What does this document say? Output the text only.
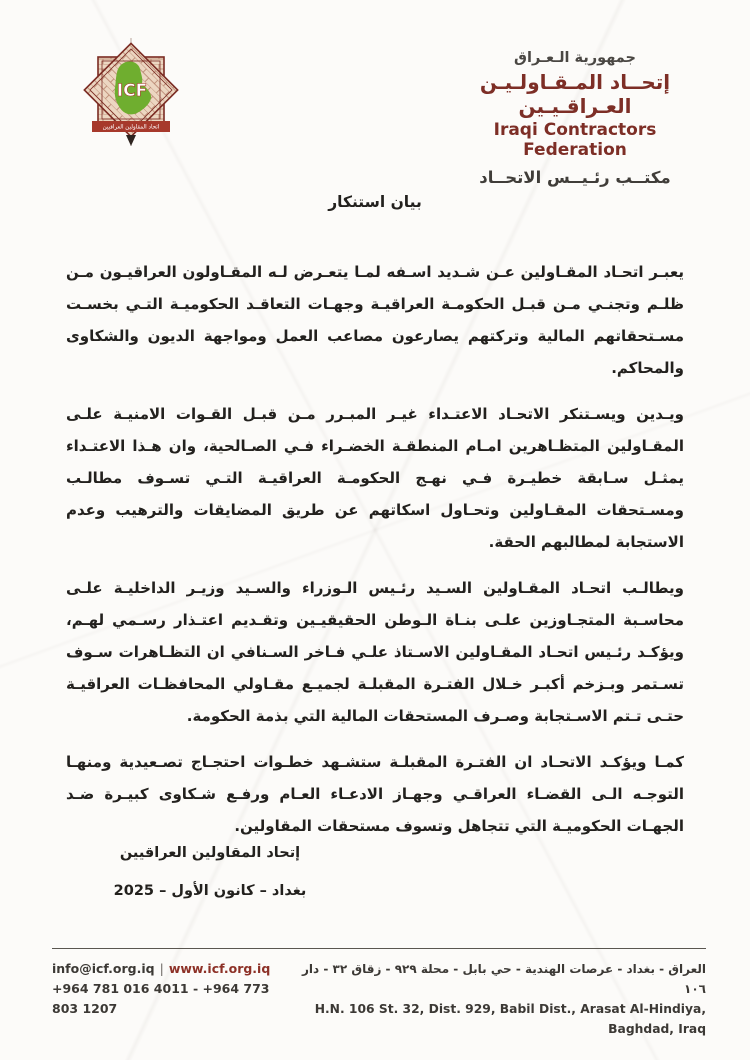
ICF
اتحاد المقاولين العراقيين
جمهورية الـعـراق
إتحــاد المـقـاولـيـن العـراقـيـين
Iraqi Contractors Federation
مكتــب رئـيــس الاتحــاد
بيان استنكار

يعبـر اتحـاد المقـاولين عـن شـديد اسـفه لمـا يتعـرض لـه المقـاولون العراقيـون مـن ظلـم وتجنـي مـن قبـل الحكومـة العراقيـة وجهـات التعاقـد الحكوميـة التـي بخسـت مسـتحقاتهم المالية وتركتهم يصارعون مصاعب العمل ومواجهة الديون والشكاوى والمحاكم.

ويـدين ويسـتنكر الاتحـاد الاعتـداء غيـر المبـرر مـن قبـل القـوات الامنيـة علـى المقـاولين المتظـاهرين امـام المنطقـة الخضـراء فـي الصـالحية، وان هـذا الاعتـداء يمثـل سـابقة خطيـرة فـي نهـج الحكومـة العراقيـة التـي تسـوف مطالـب ومسـتحقات المقـاولين وتحـاول اسكاتهم عن طريق المضايقات والترهيب وعدم الاستجابة لمطالبهم الحقة.

ويطالـب اتحـاد المقـاولين السـيد رئـيس الـوزراء والسـيد وزيـر الداخليـة علـى محاسـبة المتجـاوزين علـى بنـاة الـوطن الحقيقيـين وتقـديم اعتـذار رسـمي لهـم، ويؤكـد رئـيس اتحـاد المقـاولين الاسـتاذ علـي فـاخر السـنافي ان التظـاهرات سـوف تسـتمر وبـزخم أكبـر خـلال الفتـرة المقبلـة لجميـع مقـاولي المحافظـات العراقيـة حتـى تـتم الاسـتجابة وصـرف المستحقات المالية التي بذمة الحكومة.

كمـا ويؤكـد الاتحـاد ان الفتـرة المقبلـة ستشـهد خطـوات احتجـاج تصـعيدية ومنهـا التوجـه الـى القضـاء العراقـي وجهـاز الادعـاء العـام ورفـع شـكاوى كبيـرة ضـد الجهـات الحكوميـة التي تتجاهل وتسوف مستحقات المقاولين.

إتحاد المقاولين العراقيين
بغداد – كانون الأول – 2025
info@icf.org.iq | www.icf.org.iq
+964 781 016 4011 - +964 773 803 1207
العراق - بغداد - عرصات الهندية - حي بابل - محلة ٩٢٩ - زقاق ٣٢ - دار ١٠٦
H.N. 106 St. 32, Dist. 929, Babil Dist., Arasat Al-Hindiya, Baghdad, Iraq
